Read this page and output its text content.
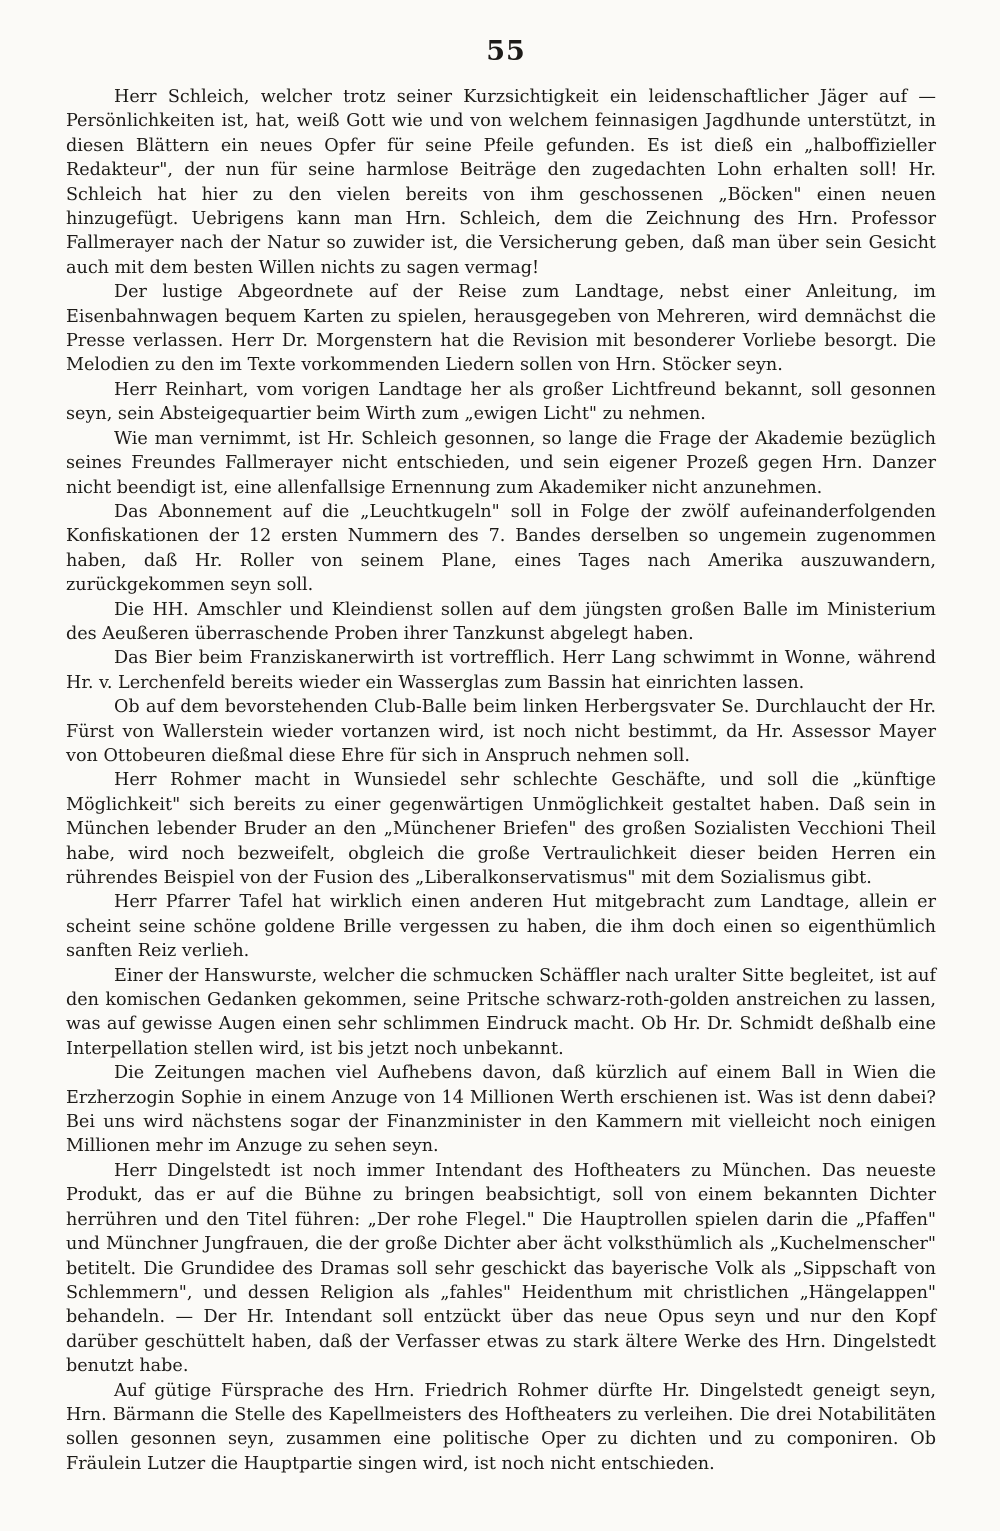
55

Herr Schleich, welcher trotz seiner Kurzsichtigkeit ein leidenschaftlicher Jäger auf — Persönlichkeiten ist, hat, weiß Gott wie und von welchem feinnasigen Jagdhunde unterstützt, in diesen Blättern ein neues Opfer für seine Pfeile gefunden. Es ist dieß ein „halboffizieller Redakteur", der nun für seine harmlose Beiträge den zugedachten Lohn erhalten soll! Hr. Schleich hat hier zu den vielen bereits von ihm geschossenen „Böcken" einen neuen hinzugefügt. Uebrigens kann man Hrn. Schleich, dem die Zeichnung des Hrn. Professor Fallmerayer nach der Natur so zuwider ist, die Versicherung geben, daß man über sein Gesicht auch mit dem besten Willen nichts zu sagen vermag!

Der lustige Abgeordnete auf der Reise zum Landtage, nebst einer Anleitung, im Eisenbahnwagen bequem Karten zu spielen, herausgegeben von Mehreren, wird demnächst die Presse verlassen. Herr Dr. Morgenstern hat die Revision mit besonderer Vorliebe besorgt. Die Melodien zu den im Texte vorkommenden Liedern sollen von Hrn. Stöcker seyn.

Herr Reinhart, vom vorigen Landtage her als großer Lichtfreund bekannt, soll gesonnen seyn, sein Absteigequartier beim Wirth zum „ewigen Licht" zu nehmen.

Wie man vernimmt, ist Hr. Schleich gesonnen, so lange die Frage der Akademie bezüglich seines Freundes Fallmerayer nicht entschieden, und sein eigener Prozeß gegen Hrn. Danzer nicht beendigt ist, eine allenfallsige Ernennung zum Akademiker nicht anzunehmen.

Das Abonnement auf die „Leuchtkugeln" soll in Folge der zwölf aufeinanderfolgenden Konfiskationen der 12 ersten Nummern des 7. Bandes derselben so ungemein zugenommen haben, daß Hr. Roller von seinem Plane, eines Tages nach Amerika auszuwandern, zurückgekommen seyn soll.

Die HH. Amschler und Kleindienst sollen auf dem jüngsten großen Balle im Ministerium des Aeußeren überraschende Proben ihrer Tanzkunst abgelegt haben.

Das Bier beim Franziskanerwirth ist vortrefflich. Herr Lang schwimmt in Wonne, während Hr. v. Lerchenfeld bereits wieder ein Wasserglas zum Bassin hat einrichten lassen.

Ob auf dem bevorstehenden Club-Balle beim linken Herbergsvater Se. Durchlaucht der Hr. Fürst von Wallerstein wieder vortanzen wird, ist noch nicht bestimmt, da Hr. Assessor Mayer von Ottobeuren dießmal diese Ehre für sich in Anspruch nehmen soll.

Herr Rohmer macht in Wunsiedel sehr schlechte Geschäfte, und soll die „künftige Möglichkeit" sich bereits zu einer gegenwärtigen Unmöglichkeit gestaltet haben. Daß sein in München lebender Bruder an den „Münchener Briefen" des großen Sozialisten Vecchioni Theil habe, wird noch bezweifelt, obgleich die große Vertraulichkeit dieser beiden Herren ein rührendes Beispiel von der Fusion des „Liberalkonservatismus" mit dem Sozialismus gibt.

Herr Pfarrer Tafel hat wirklich einen anderen Hut mitgebracht zum Landtage, allein er scheint seine schöne goldene Brille vergessen zu haben, die ihm doch einen so eigenthümlich sanften Reiz verlieh.

Einer der Hanswurste, welcher die schmucken Schäffler nach uralter Sitte begleitet, ist auf den komischen Gedanken gekommen, seine Pritsche schwarz-roth-golden anstreichen zu lassen, was auf gewisse Augen einen sehr schlimmen Eindruck macht. Ob Hr. Dr. Schmidt deßhalb eine Interpellation stellen wird, ist bis jetzt noch unbekannt.

Die Zeitungen machen viel Aufhebens davon, daß kürzlich auf einem Ball in Wien die Erzherzogin Sophie in einem Anzuge von 14 Millionen Werth erschienen ist. Was ist denn dabei? Bei uns wird nächstens sogar der Finanzminister in den Kammern mit vielleicht noch einigen Millionen mehr im Anzuge zu sehen seyn.

Herr Dingelstedt ist noch immer Intendant des Hoftheaters zu München. Das neueste Produkt, das er auf die Bühne zu bringen beabsichtigt, soll von einem bekannten Dichter herrühren und den Titel führen: „Der rohe Flegel." Die Hauptrollen spielen darin die „Pfaffen" und Münchner Jungfrauen, die der große Dichter aber ächt volksthümlich als „Kuchelmenscher" betitelt. Die Grundidee des Dramas soll sehr geschickt das bayerische Volk als „Sippschaft von Schlemmern", und dessen Religion als „fahles" Heidenthum mit christlichen „Hängelappen" behandeln. — Der Hr. Intendant soll entzückt über das neue Opus seyn und nur den Kopf darüber geschüttelt haben, daß der Verfasser etwas zu stark ältere Werke des Hrn. Dingelstedt benutzt habe.

Auf gütige Fürsprache des Hrn. Friedrich Rohmer dürfte Hr. Dingelstedt geneigt seyn, Hrn. Bärmann die Stelle des Kapellmeisters des Hoftheaters zu verleihen. Die drei Notabilitäten sollen gesonnen seyn, zusammen eine politische Oper zu dichten und zu componiren. Ob Fräulein Lutzer die Hauptpartie singen wird, ist noch nicht entschieden.
